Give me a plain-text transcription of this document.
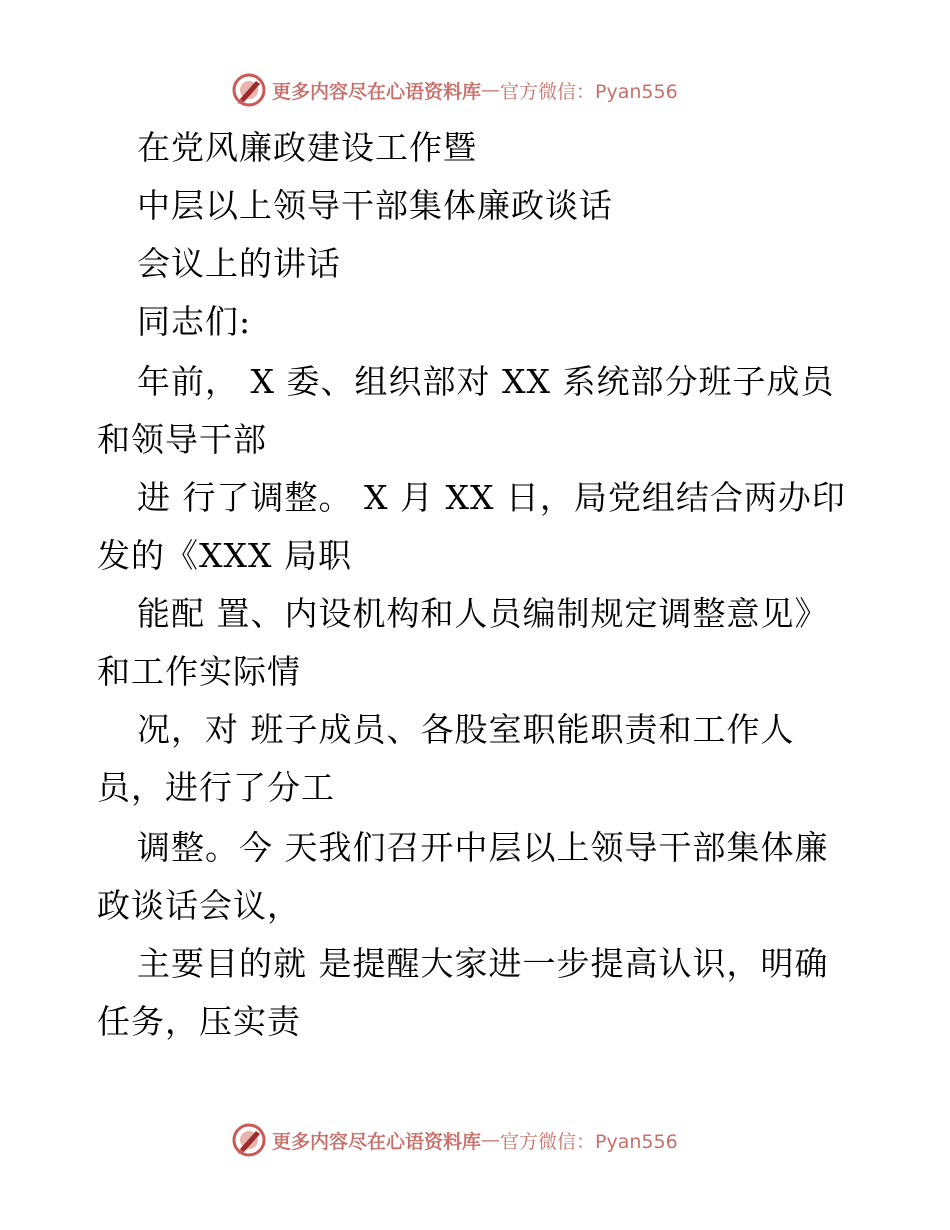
更多内容尽在心语资料库 — 官方微信：Pyan556
在党风廉政建设工作暨
中层以上领导干部集体廉政谈话
会议上的讲话
同志们:
年前， X 委、组织部对 XX 系统部分班子成员
和领导干部
进 行了调整。 X 月 XX 日，局党组结合两办印
发的《XXX 局职
能配 置、内设机构和人员编制规定调整意见》
和工作实际情
况，对 班子成员、各股室职能职责和工作人
员，进行了分工
调整。今 天我们召开中层以上领导干部集体廉
政谈话会议，
主要目的就 是提醒大家进一步提高认识，明确
任务，压实责
更多内容尽在心语资料库 — 官方微信：Pyan556
